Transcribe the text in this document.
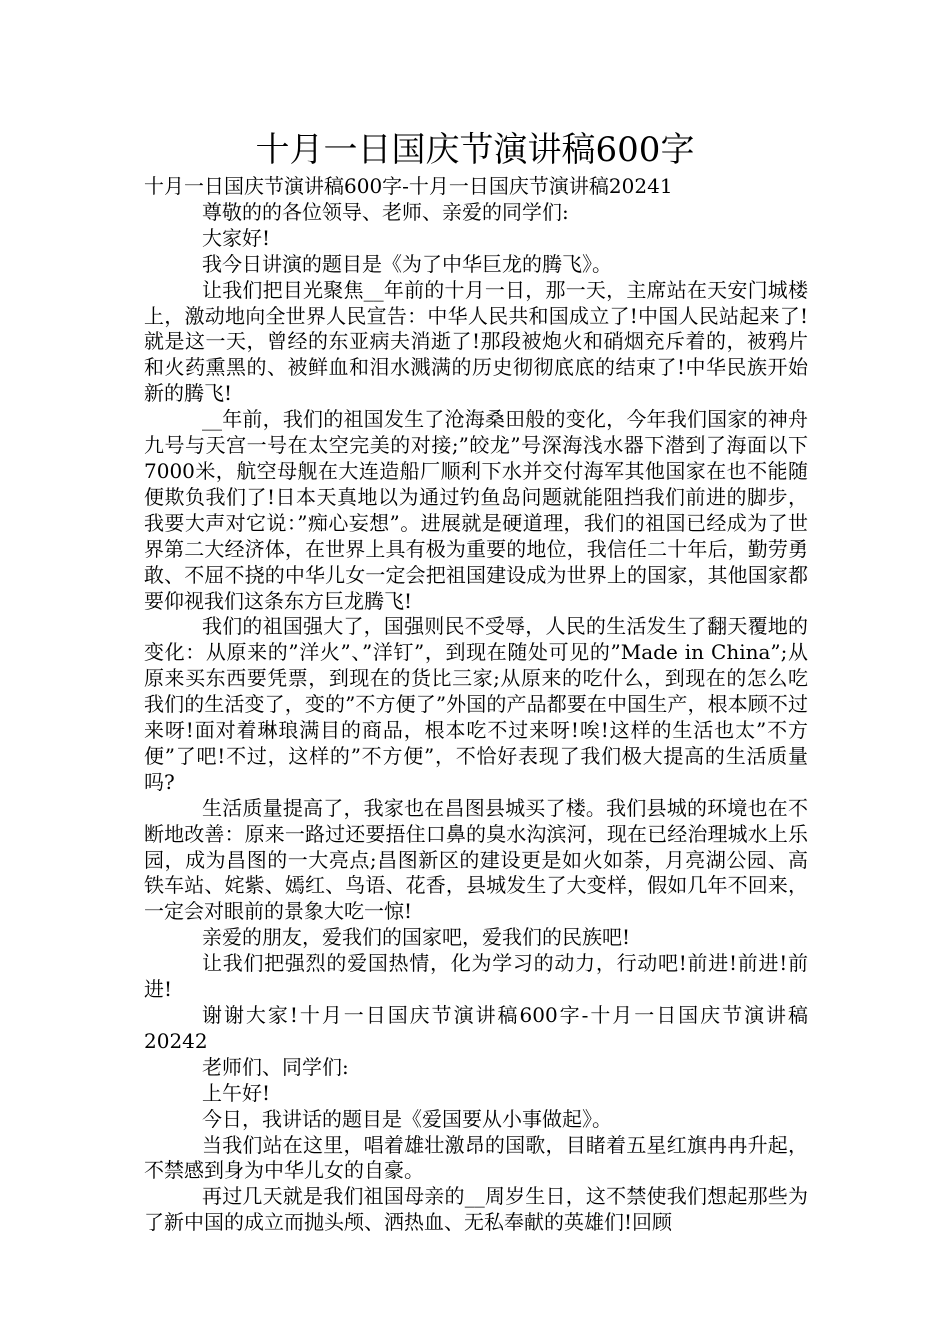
十月一日国庆节演讲稿600字

十月一日国庆节演讲稿600字-十月一日国庆节演讲稿20241

尊敬的的各位领导、老师、亲爱的同学们:

大家好!

我今日讲演的题目是《为了中华巨龙的腾飞》。

让我们把目光聚焦__年前的十月一日，那一天，主席站在天安门城楼上，激动地向全世界人民宣告：中华人民共和国成立了!中国人民站起来了!就是这一天，曾经的东亚病夫消逝了!那段被炮火和硝烟充斥着的，被鸦片和火药熏黑的、被鲜血和泪水溅满的历史彻彻底底的结束了!中华民族开始新的腾飞!

__年前，我们的祖国发生了沧海桑田般的变化，今年我们国家的神舟九号与天宫一号在太空完美的对接;”皎龙”号深海浅水器下潜到了海面以下7000米，航空母舰在大连造船厂顺利下水并交付海军其他国家在也不能随便欺负我们了!日本天真地以为通过钓鱼岛问题就能阻挡我们前进的脚步，我要大声对它说：”痴心妄想”。进展就是硬道理，我们的祖国已经成为了世界第二大经济体，在世界上具有极为重要的地位，我信任二十年后，勤劳勇敢、不屈不挠的中华儿女一定会把祖国建设成为世界上的国家，其他国家都要仰视我们这条东方巨龙腾飞!

我们的祖国强大了，国强则民不受辱，人民的生活发生了翻天覆地的变化：从原来的”洋火”、”洋钉”，到现在随处可见的”Made in China”;从原来买东西要凭票，到现在的货比三家;从原来的吃什么，到现在的怎么吃我们的生活变了，变的”不方便了”外国的产品都要在中国生产，根本顾不过来呀!面对着琳琅满目的商品，根本吃不过来呀!唉!这样的生活也太”不方便”了吧!不过，这样的”不方便”，不恰好表现了我们极大提高的生活质量吗?

生活质量提高了，我家也在昌图县城买了楼。我们县城的环境也在不断地改善：原来一路过还要捂住口鼻的臭水沟滨河，现在已经治理城水上乐园，成为昌图的一大亮点;昌图新区的建设更是如火如荼，月亮湖公园、高铁车站、姹紫、嫣红、鸟语、花香，县城发生了大变样，假如几年不回来，一定会对眼前的景象大吃一惊!

亲爱的朋友，爱我们的国家吧，爱我们的民族吧!

让我们把强烈的爱国热情，化为学习的动力，行动吧!前进!前进!前进!

谢谢大家!十月一日国庆节演讲稿600字-十月一日国庆节演讲稿20242

老师们、同学们:

上午好!

今日，我讲话的题目是《爱国要从小事做起》。

当我们站在这里，唱着雄壮激昂的国歌，目睹着五星红旗冉冉升起，不禁感到身为中华儿女的自豪。

再过几天就是我们祖国母亲的__周岁生日，这不禁使我们想起那些为了新中国的成立而抛头颅、洒热血、无私奉献的英雄们!回顾
